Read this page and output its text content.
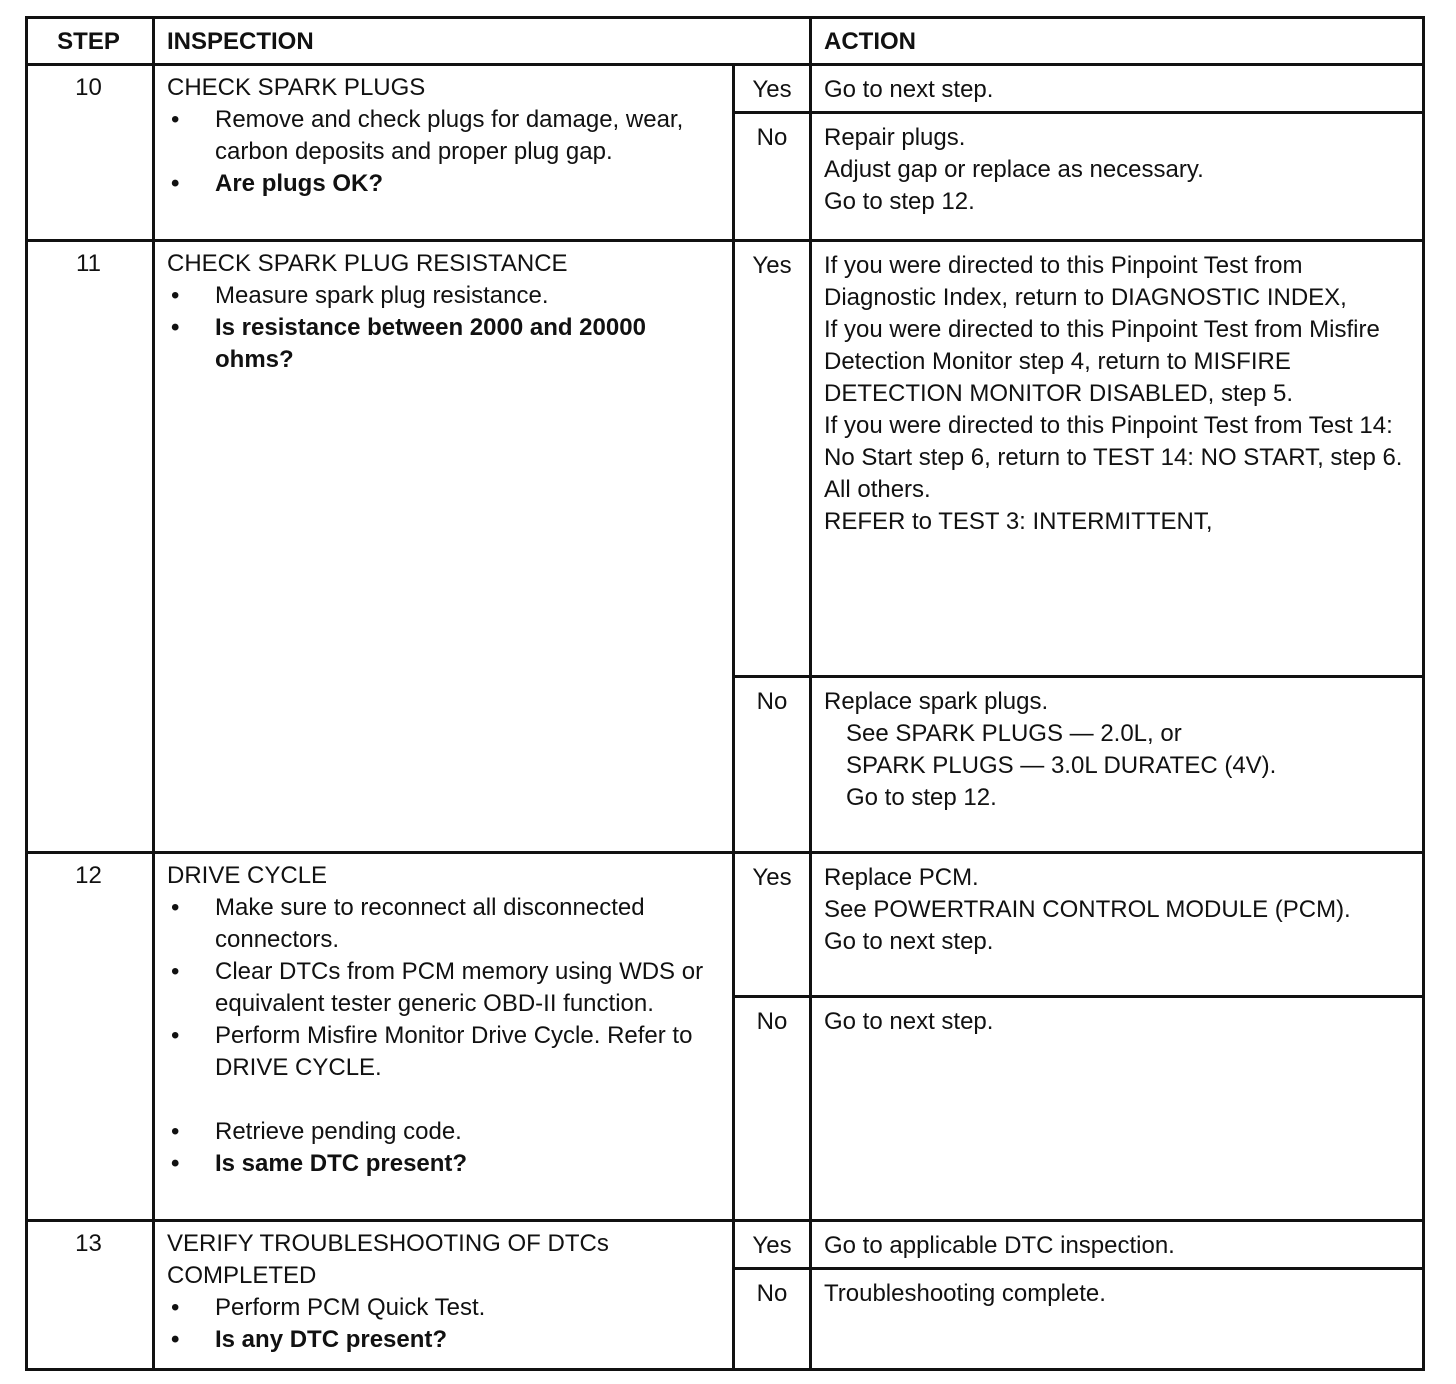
STEP	INSPECTION	ACTION
10	CHECK SPARK PLUGS
• Remove and check plugs for damage, wear, carbon deposits and proper plug gap.
• Are plugs OK?
Yes	Go to next step.
No	Repair plugs.
Adjust gap or replace as necessary.
Go to step 12.
11	CHECK SPARK PLUG RESISTANCE
• Measure spark plug resistance.
• Is resistance between 2000 and 20000 ohms?
Yes	If you were directed to this Pinpoint Test from Diagnostic Index, return to DIAGNOSTIC INDEX,
If you were directed to this Pinpoint Test from Misfire Detection Monitor step 4, return to MISFIRE DETECTION MONITOR DISABLED, step 5.
If you were directed to this Pinpoint Test from Test 14: No Start step 6, return to TEST 14: NO START, step 6. All others.
REFER to TEST 3: INTERMITTENT,
No	Replace spark plugs.
See SPARK PLUGS — 2.0L, or
SPARK PLUGS — 3.0L DURATEC (4V).
Go to step 12.
12	DRIVE CYCLE
• Make sure to reconnect all disconnected connectors.
• Clear DTCs from PCM memory using WDS or equivalent tester generic OBD-II function.
• Perform Misfire Monitor Drive Cycle. Refer to DRIVE CYCLE.
• Retrieve pending code.
• Is same DTC present?
Yes	Replace PCM.
See POWERTRAIN CONTROL MODULE (PCM).
Go to next step.
No	Go to next step.
13	VERIFY TROUBLESHOOTING OF DTCs COMPLETED
• Perform PCM Quick Test.
• Is any DTC present?
Yes	Go to applicable DTC inspection.
No	Troubleshooting complete.
